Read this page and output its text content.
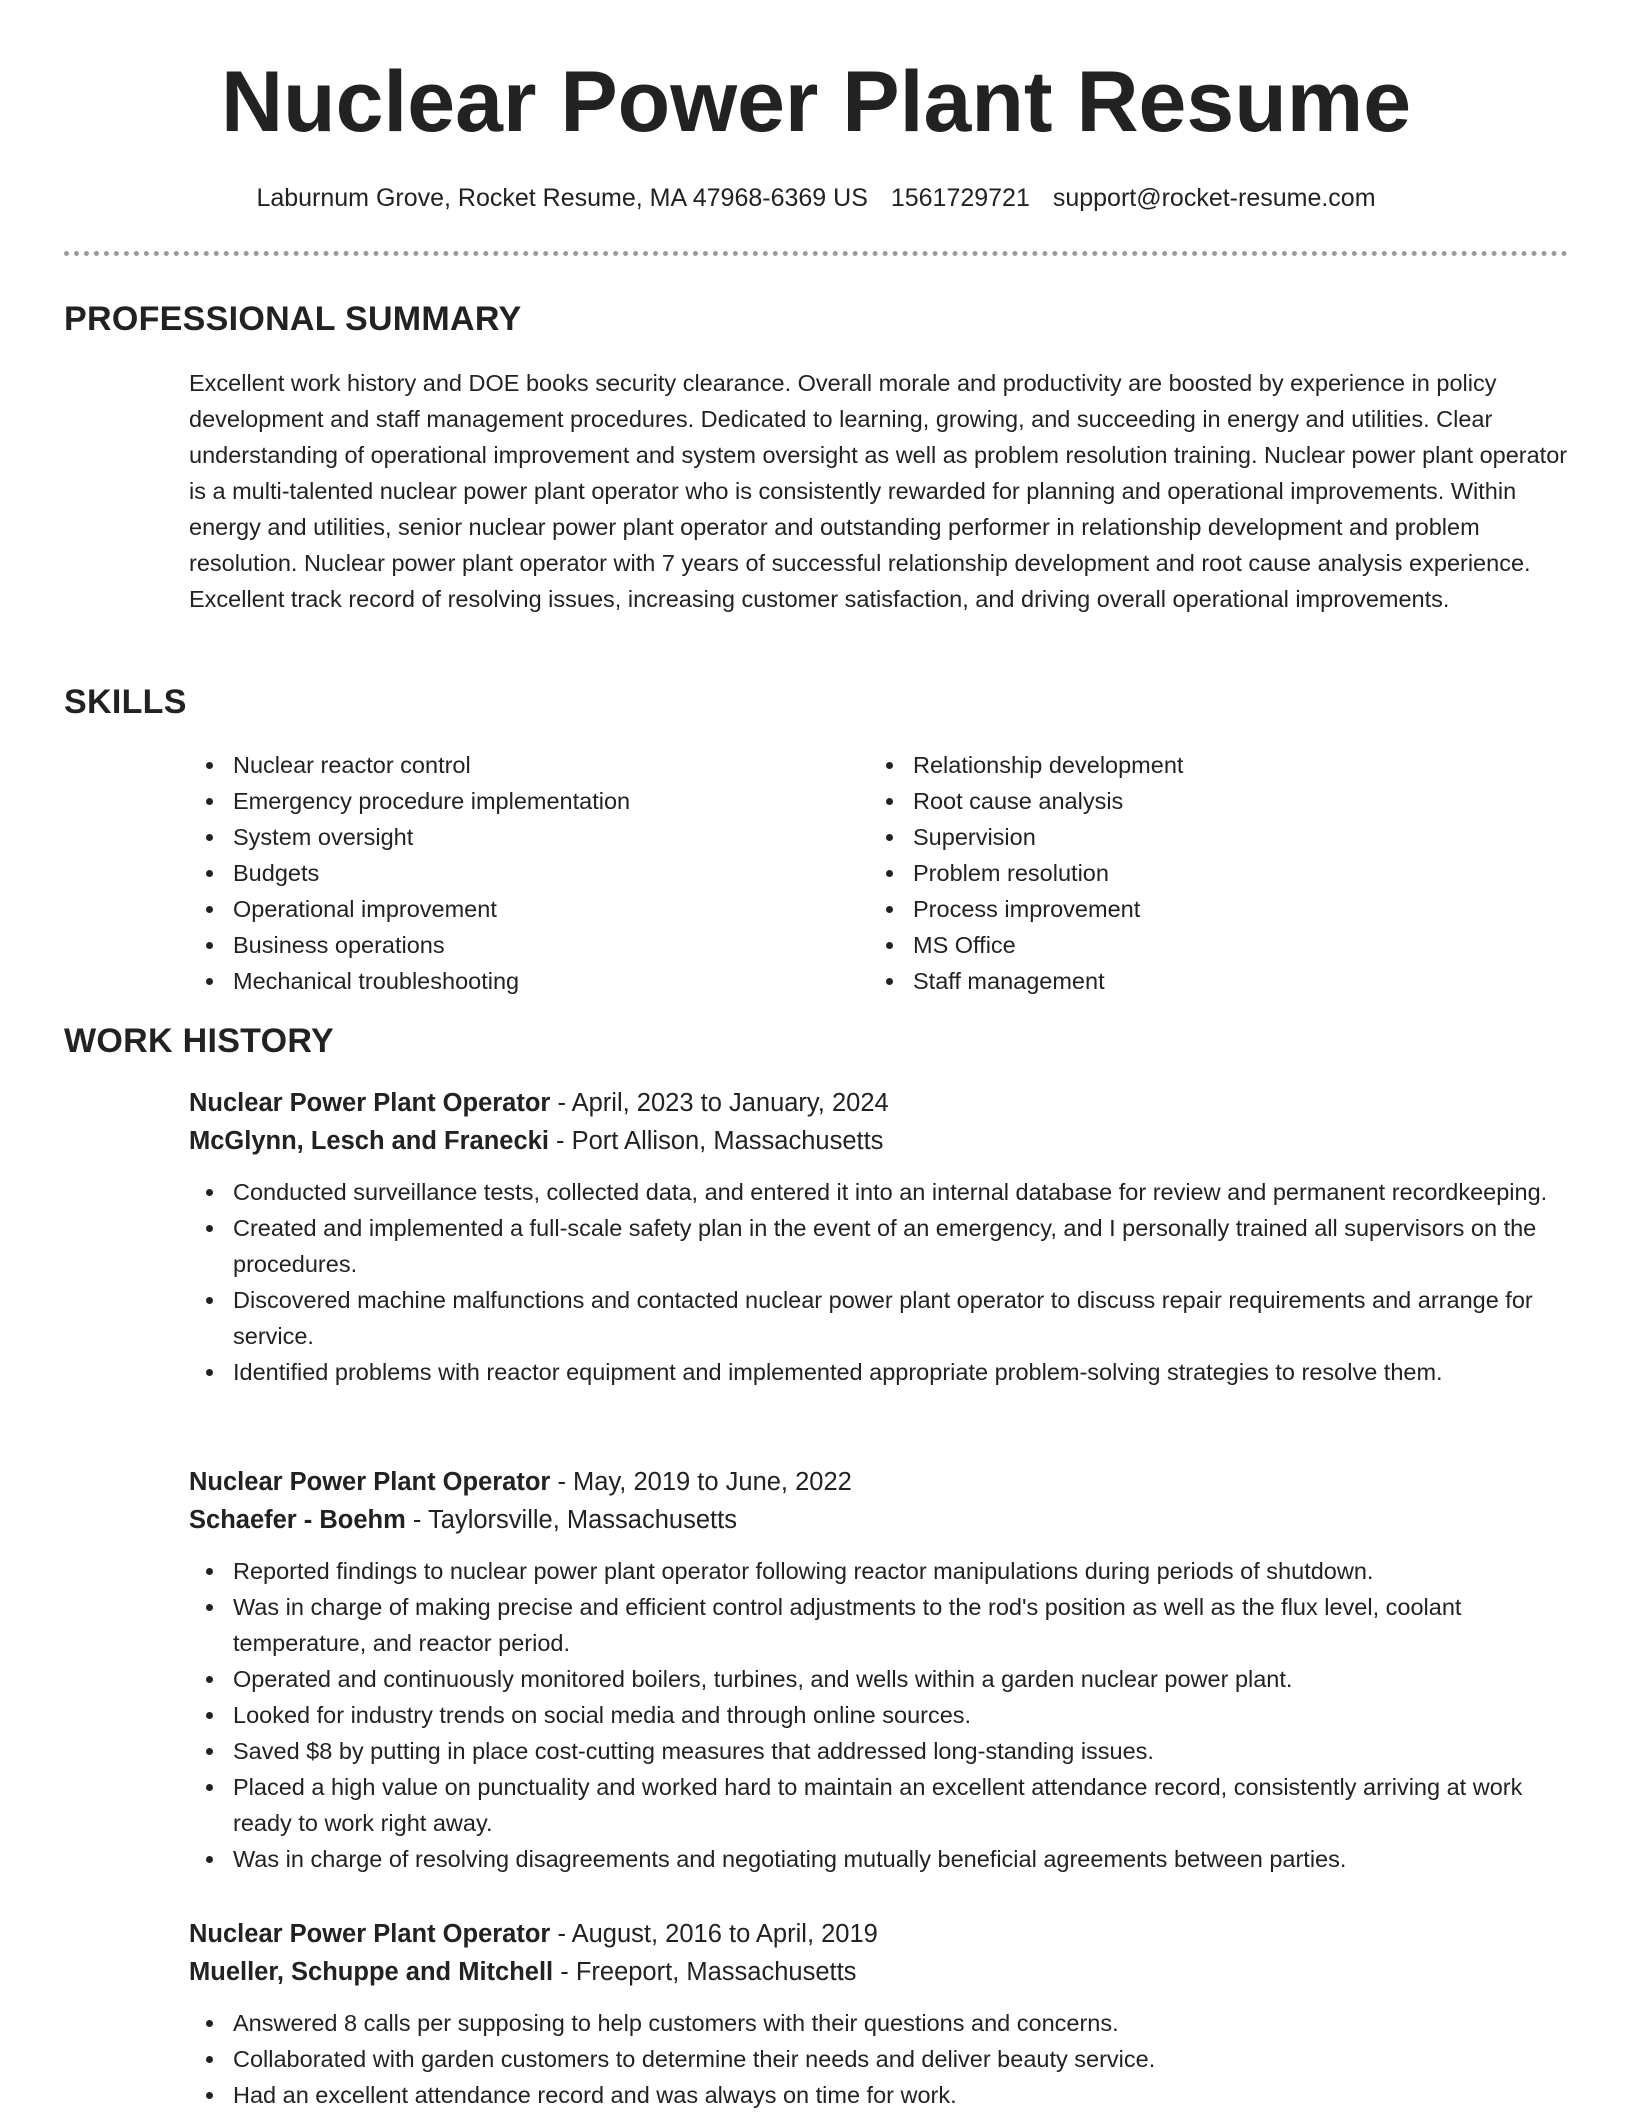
Nuclear Power Plant Resume
Laburnum Grove, Rocket Resume, MA 47968-6369 US 1561729721 support@rocket-resume.com
PROFESSIONAL SUMMARY

Excellent work history and DOE books security clearance. Overall morale and productivity are boosted by experience in policy development and staff management procedures. Dedicated to learning, growing, and succeeding in energy and utilities. Clear understanding of operational improvement and system oversight as well as problem resolution training. Nuclear power plant operator is a multi-talented nuclear power plant operator who is consistently rewarded for planning and operational improvements. Within energy and utilities, senior nuclear power plant operator and outstanding performer in relationship development and problem resolution. Nuclear power plant operator with 7 years of successful relationship development and root cause analysis experience. Excellent track record of resolving issues, increasing customer satisfaction, and driving overall operational improvements.

SKILLS
Nuclear reactor control
Emergency procedure implementation
System oversight
Budgets
Operational improvement
Business operations
Mechanical troubleshooting
Relationship development
Root cause analysis
Supervision
Problem resolution
Process improvement
MS Office
Staff management
WORK HISTORY
Nuclear Power Plant Operator - April, 2023 to January, 2024
McGlynn, Lesch and Franecki - Port Allison, Massachusetts
Conducted surveillance tests, collected data, and entered it into an internal database for review and permanent recordkeeping.
Created and implemented a full-scale safety plan in the event of an emergency, and I personally trained all supervisors on the procedures.
Discovered machine malfunctions and contacted nuclear power plant operator to discuss repair requirements and arrange for service.
Identified problems with reactor equipment and implemented appropriate problem-solving strategies to resolve them.
Nuclear Power Plant Operator - May, 2019 to June, 2022
Schaefer - Boehm - Taylorsville, Massachusetts
Reported findings to nuclear power plant operator following reactor manipulations during periods of shutdown.
Was in charge of making precise and efficient control adjustments to the rod's position as well as the flux level, coolant temperature, and reactor period.
Operated and continuously monitored boilers, turbines, and wells within a garden nuclear power plant.
Looked for industry trends on social media and through online sources.
Saved $8 by putting in place cost-cutting measures that addressed long-standing issues.
Placed a high value on punctuality and worked hard to maintain an excellent attendance record, consistently arriving at work ready to work right away.
Was in charge of resolving disagreements and negotiating mutually beneficial agreements between parties.
Nuclear Power Plant Operator - August, 2016 to April, 2019
Mueller, Schuppe and Mitchell - Freeport, Massachusetts
Answered 8 calls per supposing to help customers with their questions and concerns.
Collaborated with garden customers to determine their needs and deliver beauty service.
Had an excellent attendance record and was always on time for work.
